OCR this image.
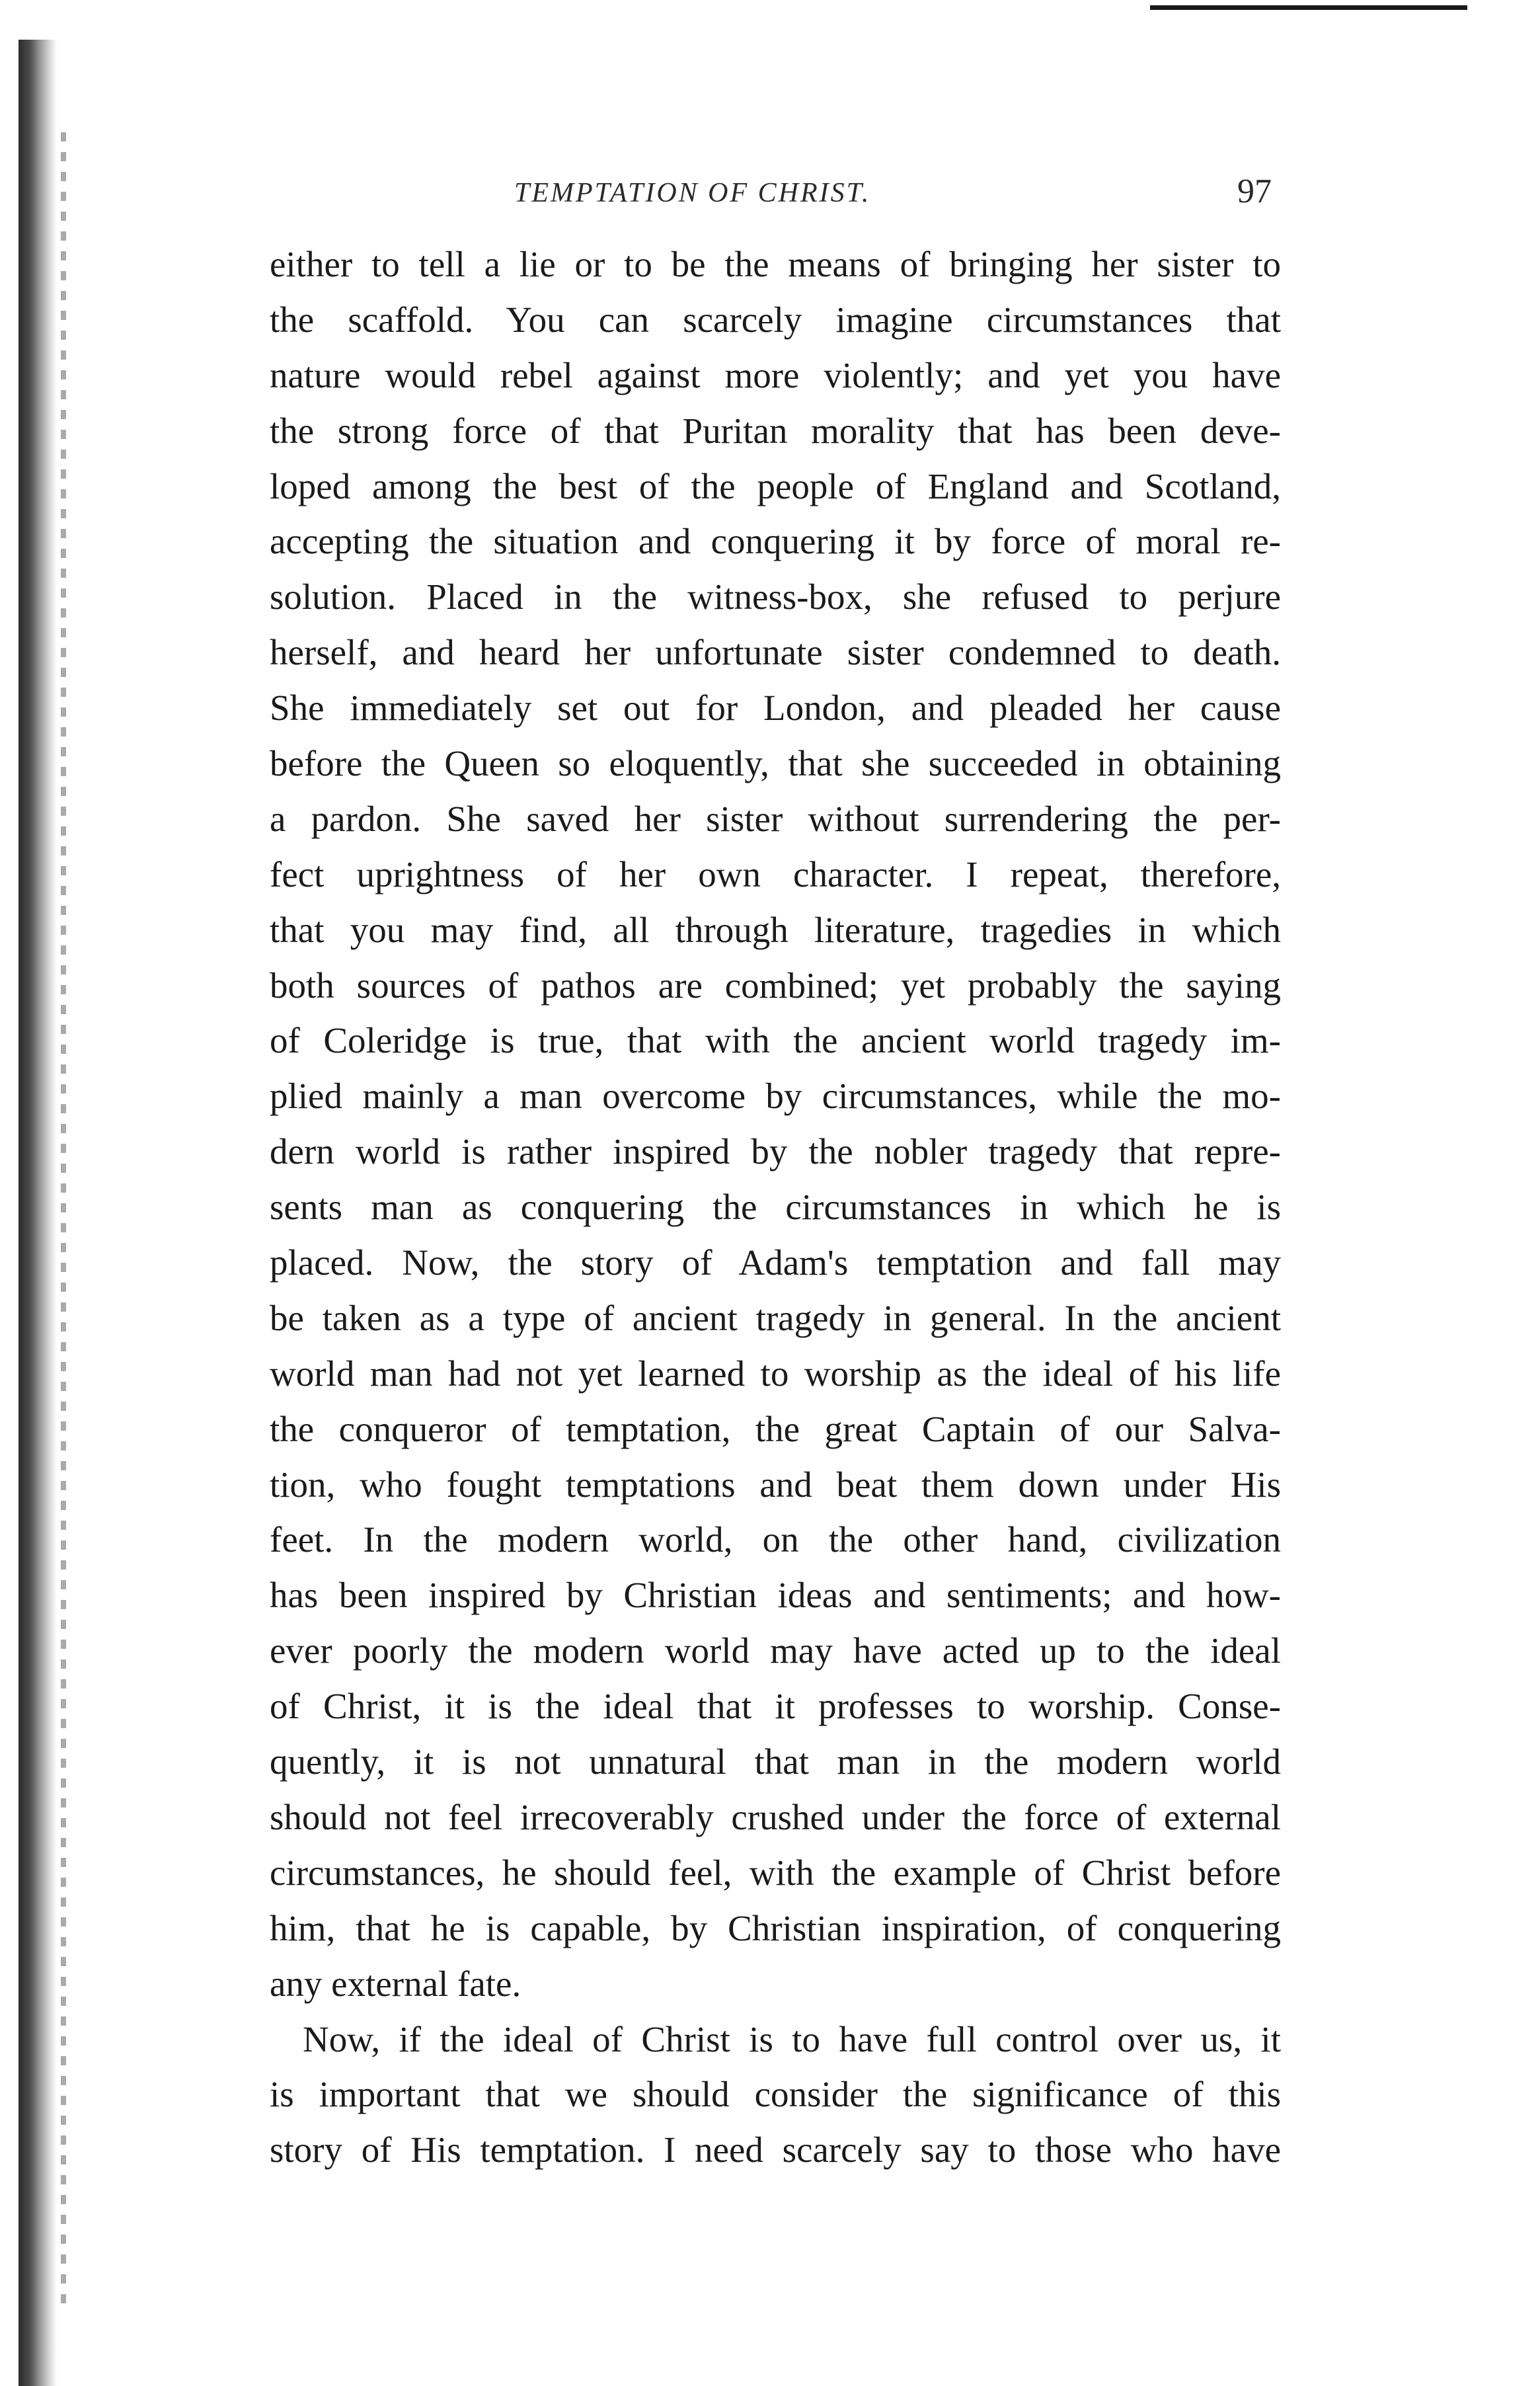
TEMPTATION OF CHRIST.	97
either to tell a lie or to be the means of bringing her sister to
the scaffold. You can scarcely imagine circumstances that
nature would rebel against more violently; and yet you have
the strong force of that Puritan morality that has been deve-
loped among the best of the people of England and Scotland,
accepting the situation and conquering it by force of moral re-
solution. Placed in the witness-box, she refused to perjure
herself, and heard her unfortunate sister condemned to death.
She immediately set out for London, and pleaded her cause
before the Queen so eloquently, that she succeeded in obtaining
a pardon. She saved her sister without surrendering the per-
fect uprightness of her own character. I repeat, therefore,
that you may find, all through literature, tragedies in which
both sources of pathos are combined; yet probably the saying
of Coleridge is true, that with the ancient world tragedy im-
plied mainly a man overcome by circumstances, while the mo-
dern world is rather inspired by the nobler tragedy that repre-
sents man as conquering the circumstances in which he is
placed. Now, the story of Adam's temptation and fall may
be taken as a type of ancient tragedy in general. In the ancient
world man had not yet learned to worship as the ideal of his life
the conqueror of temptation, the great Captain of our Salva-
tion, who fought temptations and beat them down under His
feet. In the modern world, on the other hand, civilization
has been inspired by Christian ideas and sentiments; and how-
ever poorly the modern world may have acted up to the ideal
of Christ, it is the ideal that it professes to worship. Conse-
quently, it is not unnatural that man in the modern world
should not feel irrecoverably crushed under the force of external
circumstances, he should feel, with the example of Christ before
him, that he is capable, by Christian inspiration, of conquering
any external fate.
Now, if the ideal of Christ is to have full control over us, it
is important that we should consider the significance of this
story of His temptation. I need scarcely say to those who have
